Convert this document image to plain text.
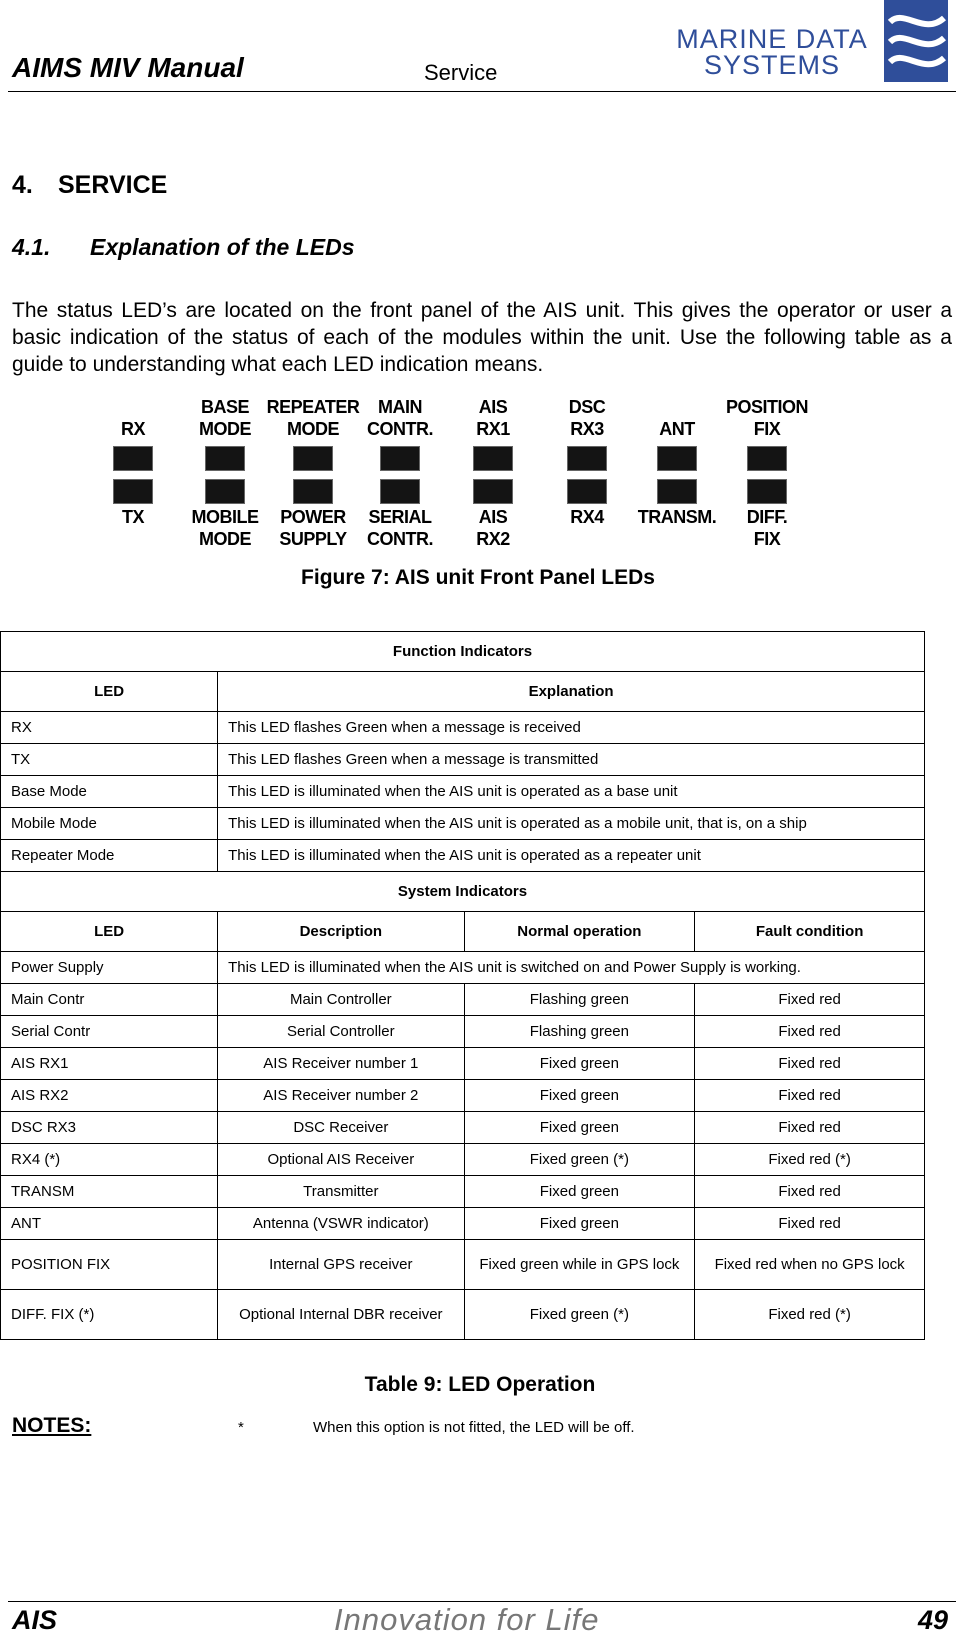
AIMS MIV Manual	Service
MARINE DATA
SYSTEMS
4. SERVICE
4.1. Explanation of the LEDs
The status LED’s are located on the front panel of the AIS unit. This gives the operator or user a basic indication of the status of each of the modules within the unit. Use the following table as a guide to understanding what each LED indication means.
RX
TX
BASE
MODE
MOBILE
MODE
REPEATER
MODE
POWER
SUPPLY
MAIN
CONTR.
SERIAL
CONTR.
AIS
RX1
AIS
RX2
DSC
RX3
RX4
ANT
TRANSM.
POSITION
FIX
DIFF.
FIX
Figure 7: AIS unit Front Panel LEDs
Function Indicators			
LED	Explanation		
RX	This LED flashes Green when a message is received		
TX	This LED flashes Green when a message is transmitted		
Base Mode	This LED is illuminated when the AIS unit is operated as a base unit		
Mobile Mode	This LED is illuminated when the AIS unit is operated as a mobile unit, that is, on a ship		
Repeater Mode	This LED is illuminated when the AIS unit is operated as a repeater unit		
System Indicators			
LED	Description	Normal operation	Fault condition
Power Supply	This LED is illuminated when the AIS unit is switched on and Power Supply is working.		
Main Contr	Main Controller	Flashing green	Fixed red
Serial Contr	Serial Controller	Flashing green	Fixed red
AIS RX1	AIS Receiver number 1	Fixed green	Fixed red
AIS RX2	AIS Receiver number 2	Fixed green	Fixed red
DSC RX3	DSC Receiver	Fixed green	Fixed red
RX4 (*)	Optional AIS Receiver	Fixed green (*)	Fixed red (*)
TRANSM	Transmitter	Fixed green	Fixed red
ANT	Antenna (VSWR indicator)	Fixed green	Fixed red
POSITION FIX	Internal GPS receiver	Fixed green while in GPS lock	Fixed red when no GPS lock
DIFF. FIX (*)	Optional Internal DBR receiver	Fixed green (*)	Fixed red (*)
Table 9: LED Operation
NOTES:	*	When this option is not fitted, the LED will be off.
AIS	Innovation for Life	49
